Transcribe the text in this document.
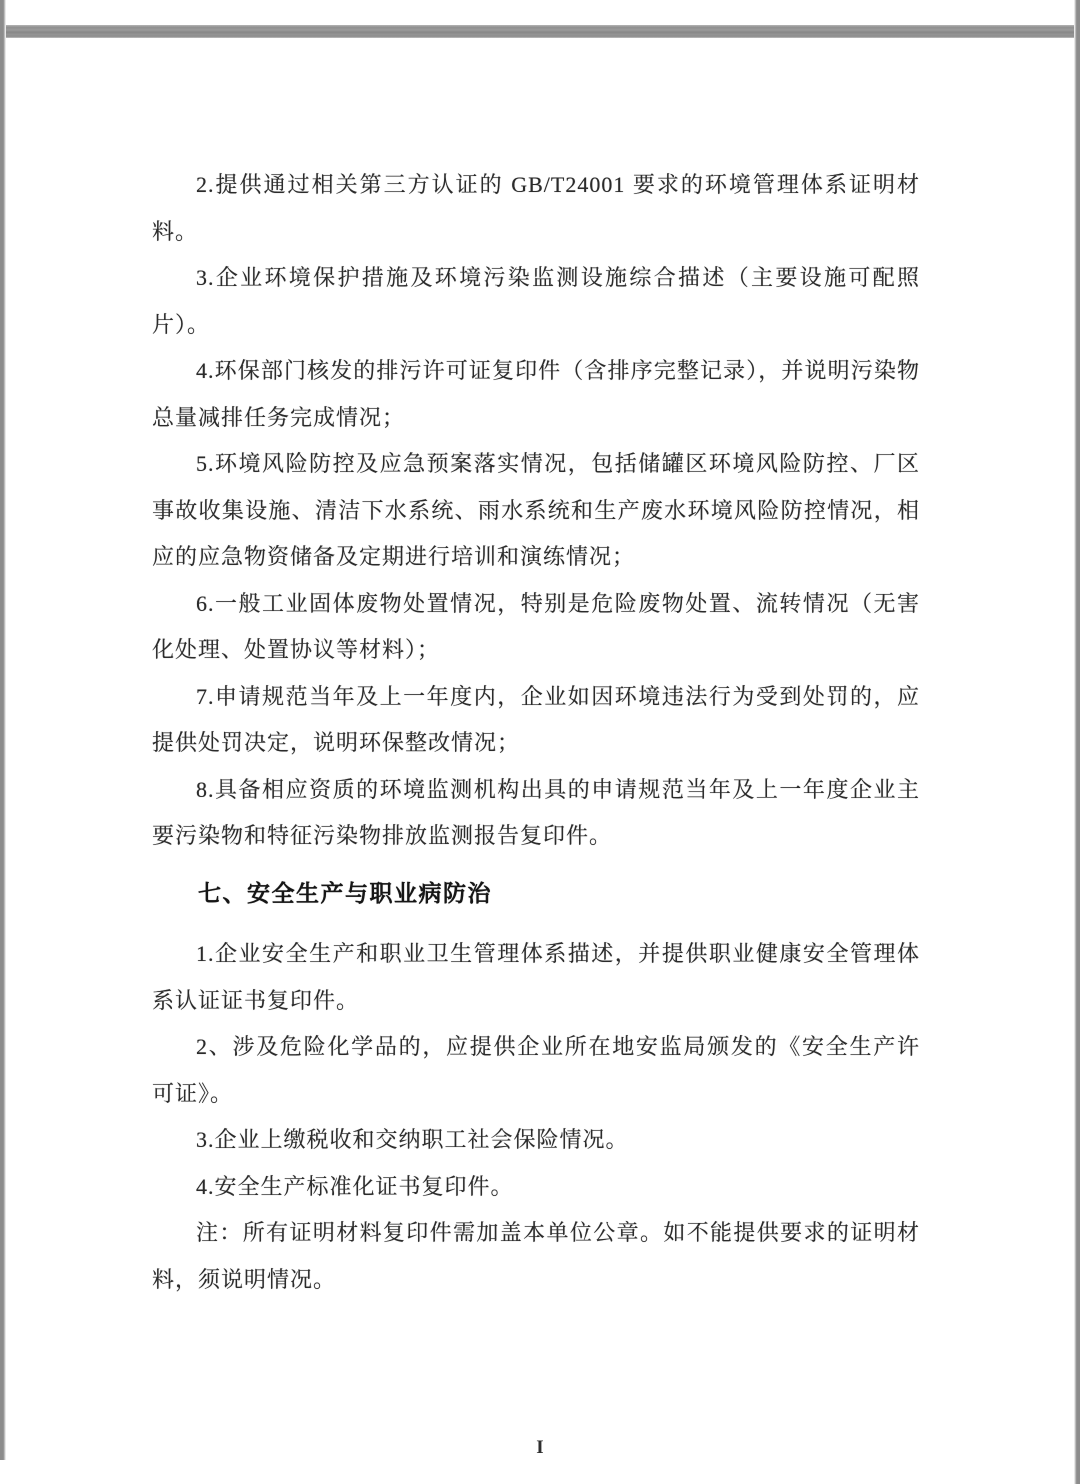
2.提供通过相关第三方认证的 GB/T24001 要求的环境管理体系证明材料。

3.企业环境保护措施及环境污染监测设施综合描述（主要设施可配照片）。

4.环保部门核发的排污许可证复印件（含排序完整记录），并说明污染物总量减排任务完成情况；

5.环境风险防控及应急预案落实情况，包括储罐区环境风险防控、厂区事故收集设施、清洁下水系统、雨水系统和生产废水环境风险防控情况，相应的应急物资储备及定期进行培训和演练情况；

6.一般工业固体废物处置情况，特别是危险废物处置、流转情况（无害化处理、处置协议等材料）；

7.申请规范当年及上一年度内，企业如因环境违法行为受到处罚的，应提供处罚决定，说明环保整改情况；

8.具备相应资质的环境监测机构出具的申请规范当年及上一年度企业主要污染物和特征污染物排放监测报告复印件。

七、安全生产与职业病防治

1.企业安全生产和职业卫生管理体系描述，并提供职业健康安全管理体系认证证书复印件。

2、涉及危险化学品的，应提供企业所在地安监局颁发的《安全生产许可证》。

3.企业上缴税收和交纳职工社会保险情况。

4.安全生产标准化证书复印件。

注：所有证明材料复印件需加盖本单位公章。如不能提供要求的证明材料，须说明情况。

I
